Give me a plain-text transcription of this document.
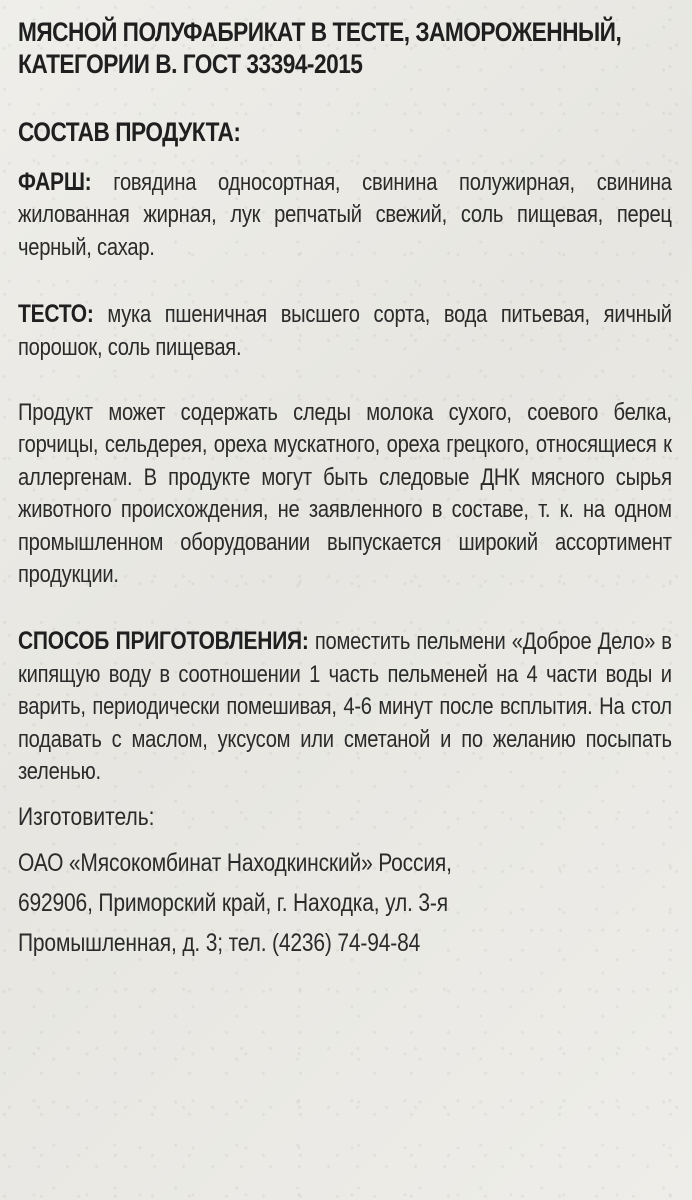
МЯСНОЙ ПОЛУФАБРИКАТ В ТЕСТЕ, ЗАМОРОЖЕННЫЙ,
КАТЕГОРИИ В. ГОСТ 33394-2015
СОСТАВ ПРОДУКТА:

ФАРШ: говядина односортная, свинина полужирная, свинина жилованная жирная, лук репчатый свежий, соль пищевая, перец черный, сахар.

ТЕСТО: мука пшеничная высшего сорта, вода питьевая, яичный порошок, соль пищевая.

Продукт может содержать следы молока сухого, соевого белка, горчицы, сельдерея, ореха мускатного, ореха грецкого, относящиеся к аллергенам. В продукте могут быть следовые ДНК мясного сырья животного происхождения, не заявленного в составе, т. к. на одном промышленном оборудовании выпускается широкий ассортимент продукции.

СПОСОБ ПРИГОТОВЛЕНИЯ: поместить пельмени «Доброе Дело» в кипящую воду в соотношении 1 часть пельменей на 4 части воды и варить, периодически помешивая, 4-6 минут после всплытия. На стол подавать с маслом, уксусом или сметаной и по желанию посыпать зеленью.

Изготовитель:
ОАО «Мясокомбинат Находкинский» Россия,
692906, Приморский край, г. Находка, ул. 3-я
Промышленная, д. 3; тел. (4236) 74-94-84
